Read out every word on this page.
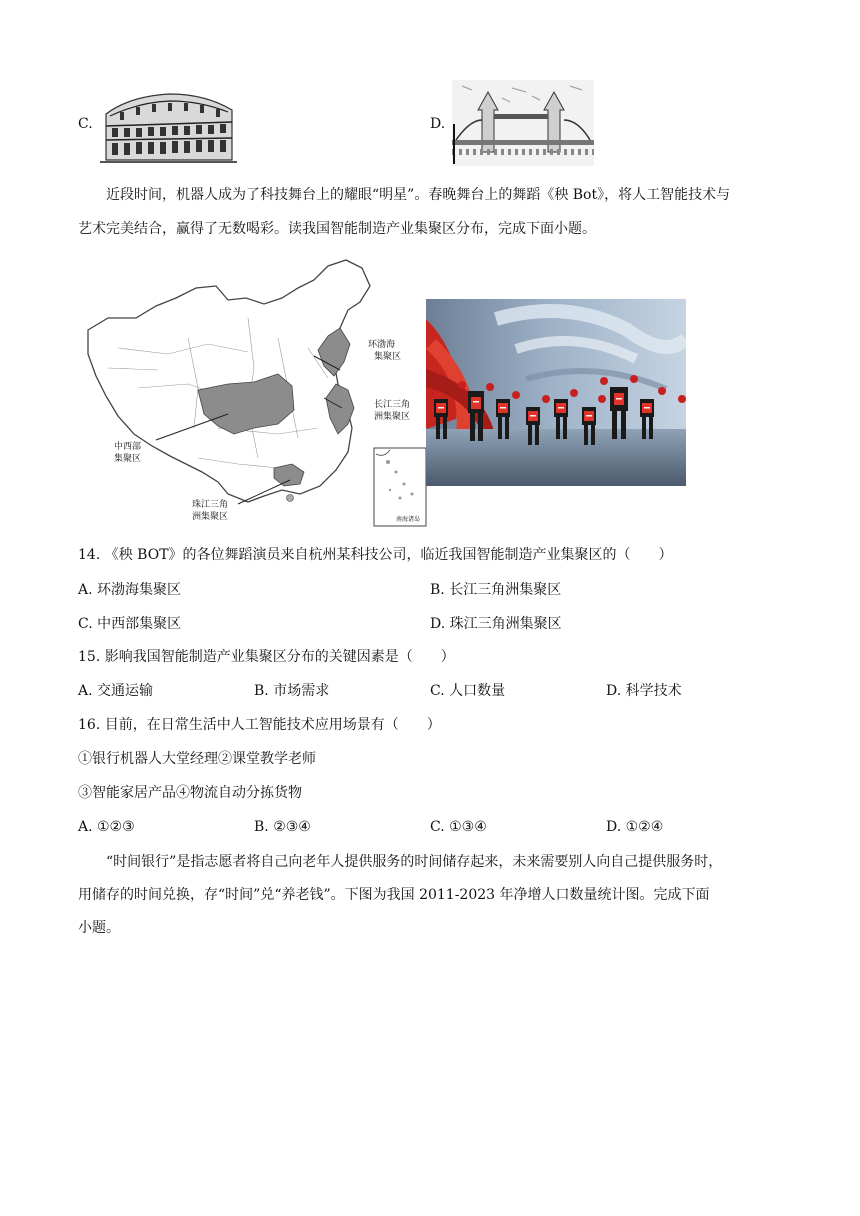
C.	D.
近段时间，机器人成为了科技舞台上的耀眼“明星”。春晚舞台上的舞蹈《秧 Bot》，将人工智能技术与
艺术完美结合，赢得了无数喝彩。读我国智能制造产业集聚区分布，完成下面小题。
环渤海
集聚区
长江三角
洲集聚区
中西部
集聚区
珠江三角
洲集聚区	南海诸岛
14. 《秧 BOT》的各位舞蹈演员来自杭州某科技公司，临近我国智能制造产业集聚区的（　　）
A. 环渤海集聚区	B. 长江三角洲集聚区
C. 中西部集聚区	D. 珠江三角洲集聚区
15. 影响我国智能制造产业集聚区分布的关键因素是（　　）
A. 交通运输	B. 市场需求	C. 人口数量	D. 科学技术
16. 目前，在日常生活中人工智能技术应用场景有（　　）
①银行机器人大堂经理②课堂教学老师
③智能家居产品④物流自动分拣货物
A. ①②③	B. ②③④	C. ①③④	D. ①②④
“时间银行”是指志愿者将自己向老年人提供服务的时间储存起来，未来需要别人向自己提供服务时，
用储存的时间兑换，存“时间”兑“养老钱”。下图为我国 2011-2023 年净增人口数量统计图。完成下面
小题。
